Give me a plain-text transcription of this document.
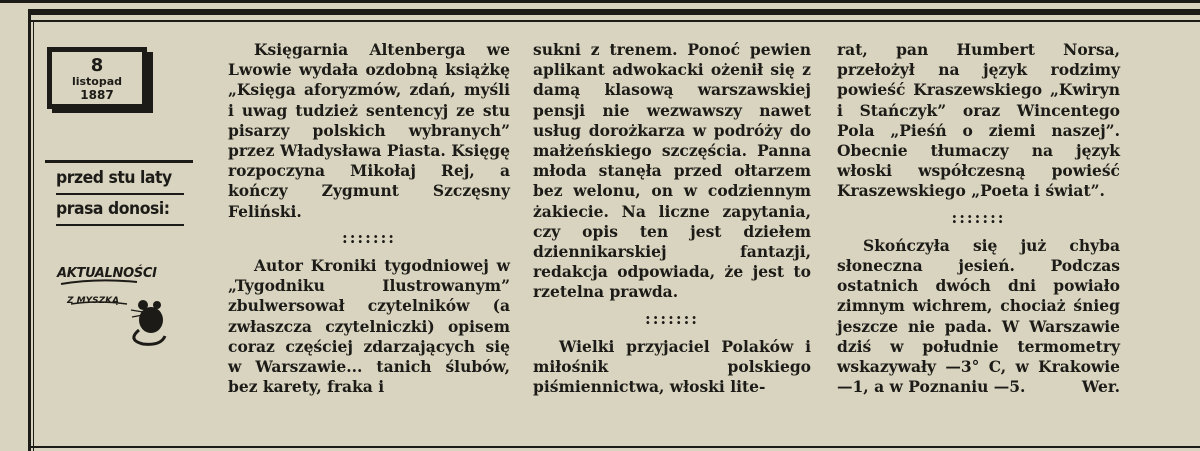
8
listopad
1887
przed stu laty
prasa donosi:
AKTUALNOŚCI
Z MYSZKĄ

Księgarnia Altenberga we Lwowie wydała ozdobną książkę „Księga aforyzmów, zdań, myśli i uwag tudzież sentencyj ze stu pisarzy polskich wybranych” przez Władysława Piasta. Księgę rozpoczyna Mikołaj Rej, a kończy Zygmunt Szczęsny Feliński.

:::::::

Autor Kroniki tygodniowej w „Tygodniku Ilustrowanym” zbulwersował czytelników (a zwłaszcza czytelniczki) opisem coraz częściej zdarzających się w Warszawie... tanich ślubów, bez karety, fraka i

sukni z trenem. Ponoć pewien aplikant adwokacki ożenił się z damą klasową warszawskiej pensji nie wezwawszy nawet usług dorożkarza w podróży do małżeńskiego szczęścia. Panna młoda stanęła przed ołtarzem bez welonu, on w codziennym żakiecie. Na liczne zapytania, czy opis ten jest dziełem dziennikarskiej fantazji, redakcja odpowiada, że jest to rzetelna prawda.

:::::::

Wielki przyjaciel Polaków i miłośnik polskiego piśmiennictwa, włoski lite-

rat, pan Humbert Norsa, przełożył na język rodzimy powieść Kraszewskiego „Kwiryn i Stańczyk” oraz Wincentego Pola „Pieśń o ziemi naszej”. Obecnie tłumaczy na język włoski współczesną powieść Kraszewskiego „Poeta i świat”.

:::::::

Skończyła się już chyba słoneczna jesień. Podczas ostatnich dwóch dni powiało zimnym wichrem, chociaż śnieg jeszcze nie pada. W Warszawie dziś w południe termometry wskazywały —3° C, w Krakowie —1, a w Poznaniu —5.	Wer.
